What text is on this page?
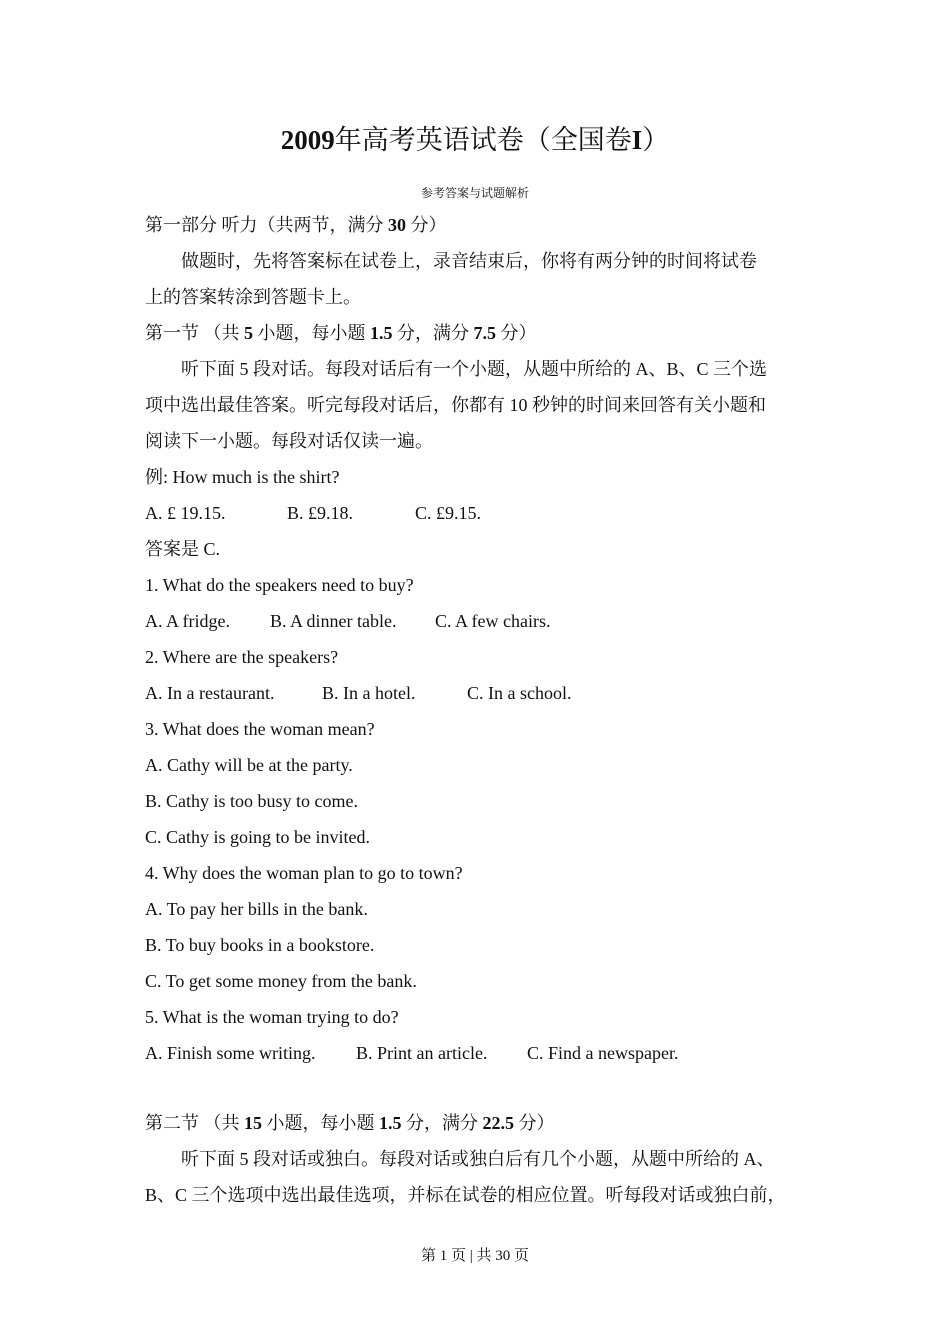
2009年高考英语试卷（全国卷I）
参考答案与试题解析
第一部分 听力（共两节，满分 30 分）
做题时，先将答案标在试卷上，录音结束后，你将有两分钟的时间将试卷
上的答案转涂到答题卡上。
第一节 （共 5 小题，每小题 1.5 分，满分 7.5 分）
听下面 5 段对话。每段对话后有一个小题，从题中所给的 A、B、C 三个选
项中选出最佳答案。听完每段对话后，你都有 10 秒钟的时间来回答有关小题和
阅读下一小题。每段对话仅读一遍。
例: How much is the shirt?
A. £ 19.15.	B. £9.18.	C. £9.15.
答案是 C.
1. What do the speakers need to buy?
A. A fridge. B. A dinner table. C. A few chairs.
2. Where are the speakers?
A. In a restaurant.	B. In a hotel.	C. In a school.
3. What does the woman mean?
A. Cathy will be at the party.
B. Cathy is too busy to come.
C. Cathy is going to be invited.
4. Why does the woman plan to go to town?
A. To pay her bills in the bank.
B. To buy books in a bookstore.
C. To get some money from the bank.
5. What is the woman trying to do?
A. Finish some writing. B. Print an article. C. Find a newspaper.
第二节 （共 15 小题，每小题 1.5 分，满分 22.5 分）
听下面 5 段对话或独白。每段对话或独白后有几个小题，从题中所给的 A、
B、C 三个选项中选出最佳选项，并标在试卷的相应位置。听每段对话或独白前，
第 1 页 | 共 30 页
